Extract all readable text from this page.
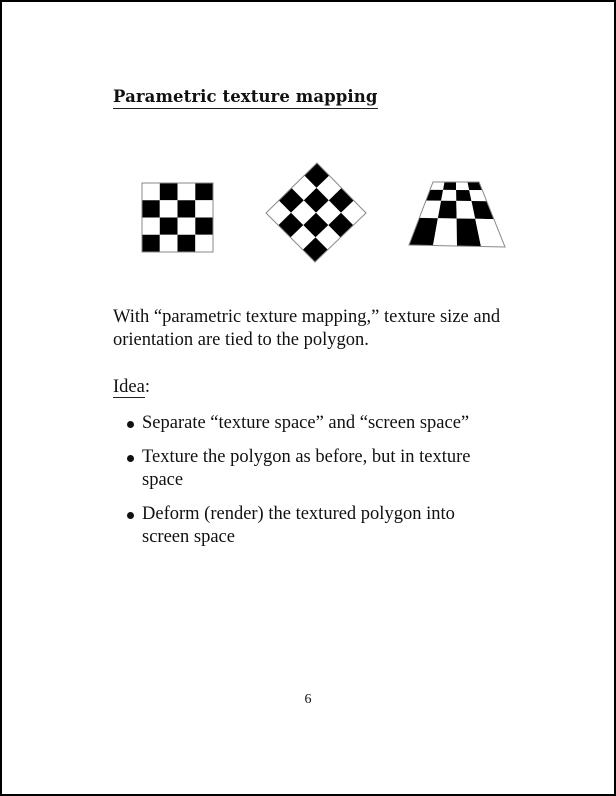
Parametric texture mapping
With “parametric texture mapping,” texture size and orientation are tied to the polygon.
Idea:
Separate “texture space” and “screen space”
Texture the polygon as before, but in texture space
Deform (render) the textured polygon into screen space
6
